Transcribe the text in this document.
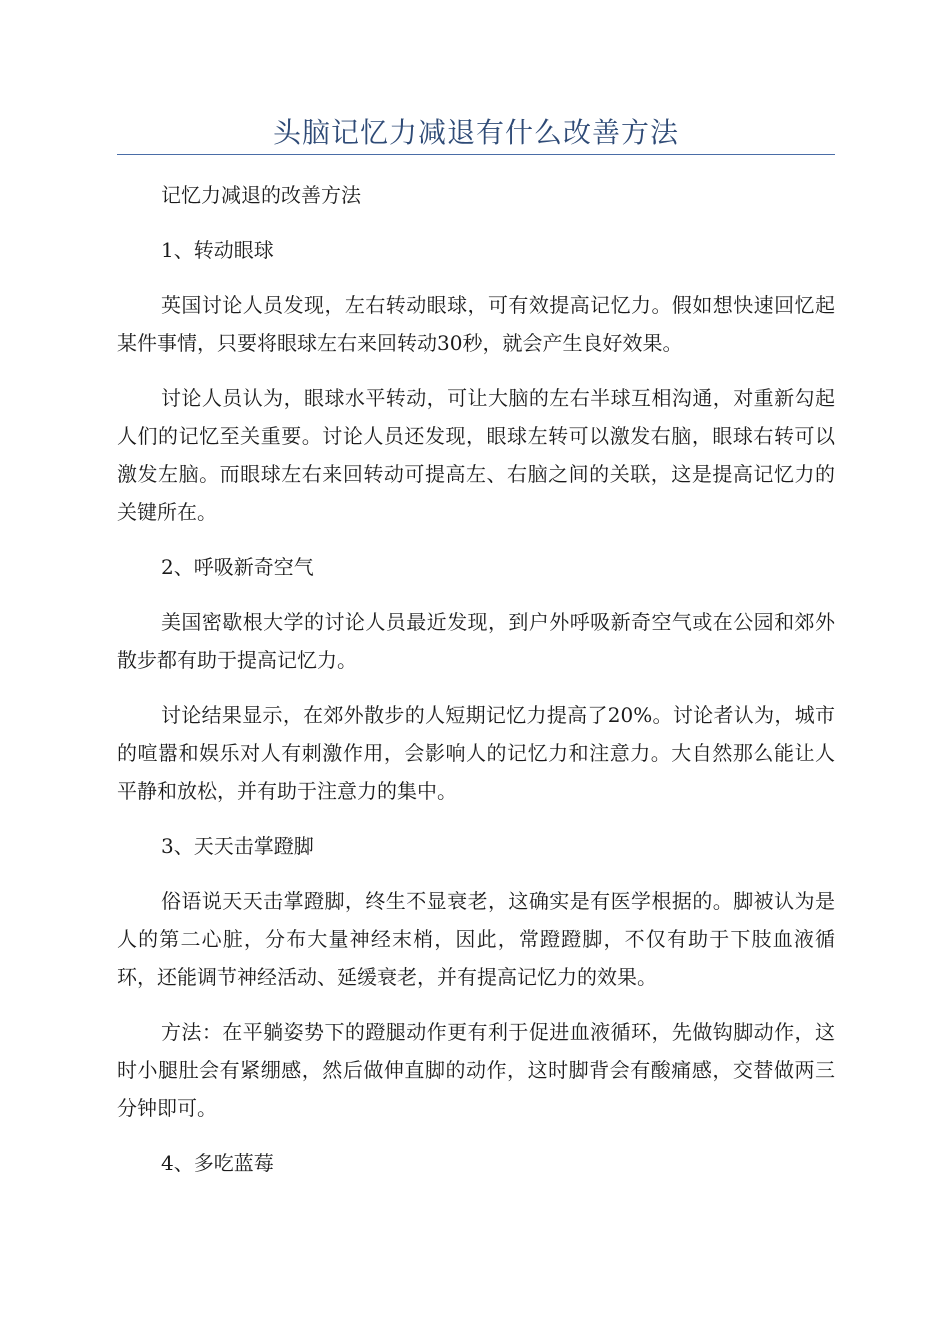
头脑记忆力减退有什么改善方法

记忆力减退的改善方法

1、转动眼球

英国讨论人员发现，左右转动眼球，可有效提高记忆力。假如想快速回忆起某件事情，只要将眼球左右来回转动30秒，就会产生良好效果。

讨论人员认为，眼球水平转动，可让大脑的左右半球互相沟通，对重新勾起人们的记忆至关重要。讨论人员还发现，眼球左转可以激发右脑，眼球右转可以激发左脑。而眼球左右来回转动可提高左、右脑之间的关联，这是提高记忆力的关键所在。

2、呼吸新奇空气

美国密歇根大学的讨论人员最近发现，到户外呼吸新奇空气或在公园和郊外散步都有助于提高记忆力。

讨论结果显示，在郊外散步的人短期记忆力提高了20%。讨论者认为，城市的喧嚣和娱乐对人有刺激作用，会影响人的记忆力和注意力。大自然那么能让人平静和放松，并有助于注意力的集中。

3、天天击掌蹬脚

俗语说天天击掌蹬脚，终生不显衰老，这确实是有医学根据的。脚被认为是人的第二心脏，分布大量神经末梢，因此，常蹬蹬脚，不仅有助于下肢血液循环，还能调节神经活动、延缓衰老，并有提高记忆力的效果。

方法：在平躺姿势下的蹬腿动作更有利于促进血液循环，先做钩脚动作，这时小腿肚会有紧绷感，然后做伸直脚的动作，这时脚背会有酸痛感，交替做两三分钟即可。

4、多吃蓝莓
